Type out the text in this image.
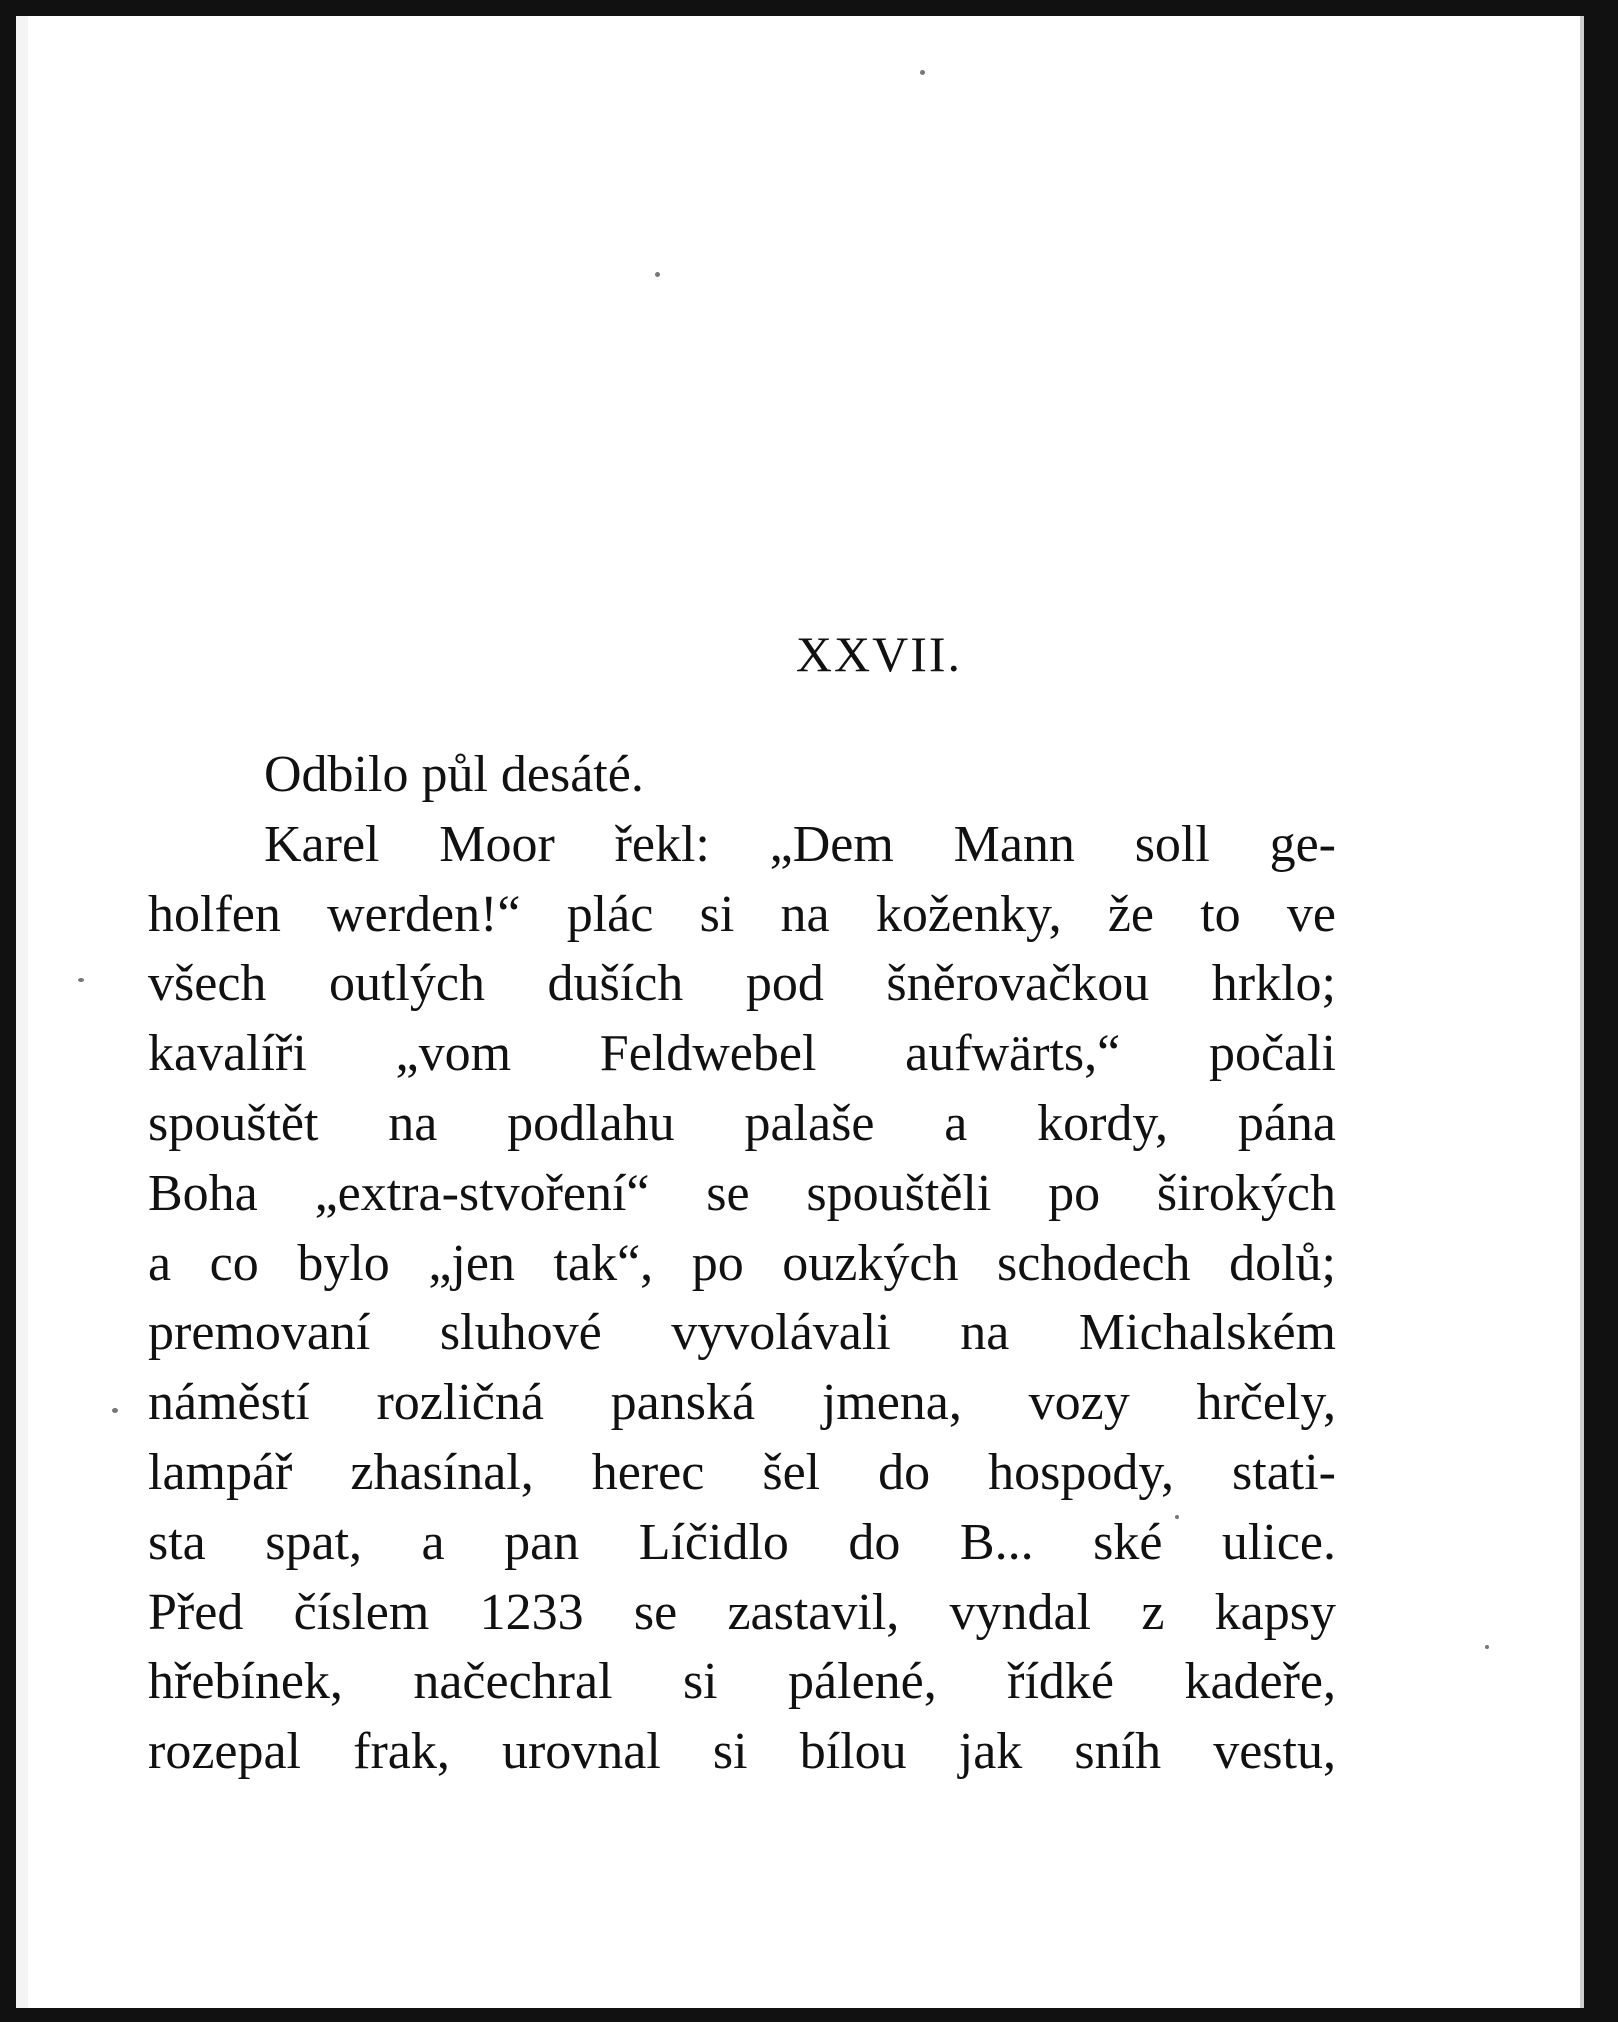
XXVII.
Odbilo půl desáté.
Karel Moor řekl: „Dem Mann soll ge-
holfen werden!“ plác si na koženky, že to ve
všech outlých duších pod šněrovačkou hrklo;
kavalíři „vom Feldwebel aufwärts,“ počali
spouštět na podlahu palaše a kordy, pána
Boha „extra-stvoření“ se spouštěli po širokých
a co bylo „jen tak“, po ouzkých schodech dolů;
premovaní sluhové vyvolávali na Michalském
náměstí rozličná panská jmena, vozy hrčely,
lampář zhasínal, herec šel do hospody, stati-
sta spat, a pan Líčidlo do B... ské ulice.
Před číslem 1233 se zastavil, vyndal z kapsy
hřebínek, načechral si pálené, řídké kadeře,
rozepal frak, urovnal si bílou jak sníh vestu,
